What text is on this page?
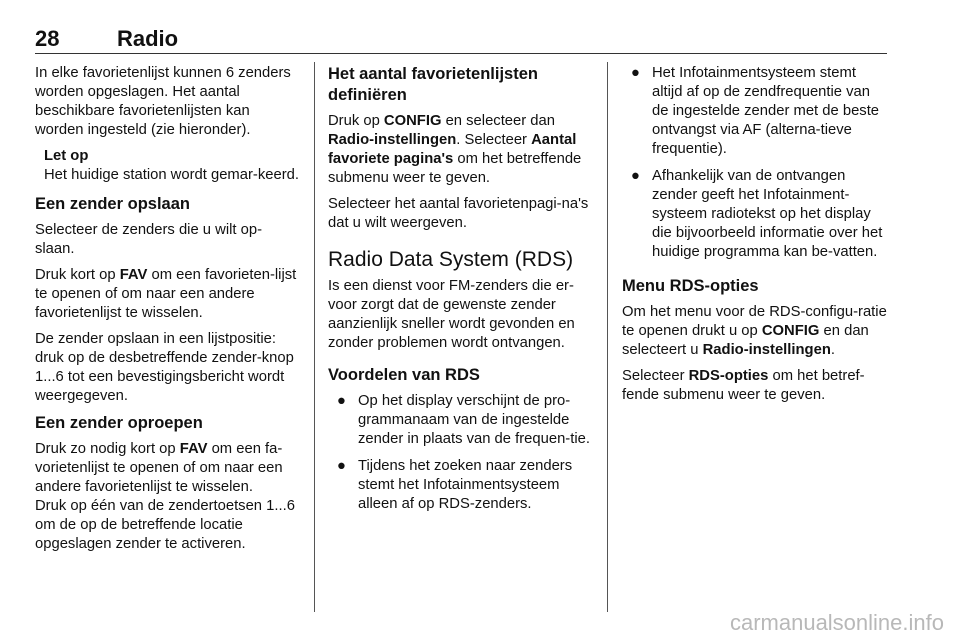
28	Radio

In elke favorietenlijst kunnen 6 zenders worden opgeslagen. Het aantal beschikbare favorietenlijsten kan worden ingesteld (zie hieronder).

Let op
Het huidige station wordt gemar-keerd.
Een zender opslaan

Selecteer de zenders die u wilt op-slaan.

Druk kort op FAV om een favorieten-lijst te openen of om naar een andere favorietenlijst te wisselen.

De zender opslaan in een lijstpositie: druk op de desbetreffende zender-knop 1...6 tot een bevestigingsbericht wordt weergegeven.

Een zender oproepen

Druk zo nodig kort op FAV om een fa-vorietenlijst te openen of om naar een andere favorietenlijst te wisselen.

Druk op één van de zendertoetsen 1...6 om de op de betreffende locatie opgeslagen zender te activeren.

Het aantal favorietenlijsten definiëren

Druk op CONFIG en selecteer dan Radio-instellingen. Selecteer Aantal favoriete pagina's om het betreffende submenu weer te geven.

Selecteer het aantal favorietenpagi-na's dat u wilt weergeven.

Radio Data System (RDS)

Is een dienst voor FM-zenders die er-voor zorgt dat de gewenste zender aanzienlijk sneller wordt gevonden en zonder problemen wordt ontvangen.

Voordelen van RDS
● Op het display verschijnt de pro-grammanaam van de ingestelde zender in plaats van de frequen-tie.
● Tijdens het zoeken naar zenders stemt het Infotainmentsysteem alleen af op RDS-zenders.
● Het Infotainmentsysteem stemt altijd af op de zendfrequentie van de ingestelde zender met de beste ontvangst via AF (alterna-tieve frequentie).
● Afhankelijk van de ontvangen zender geeft het Infotainment-systeem radiotekst op het display die bijvoorbeeld informatie over het huidige programma kan be-vatten.
Menu RDS-opties

Om het menu voor de RDS-configu-ratie te openen drukt u op CONFIG en dan selecteert u Radio-instellingen.

Selecteer RDS-opties om het betref-fende submenu weer te geven.

carmanualsonline.info
